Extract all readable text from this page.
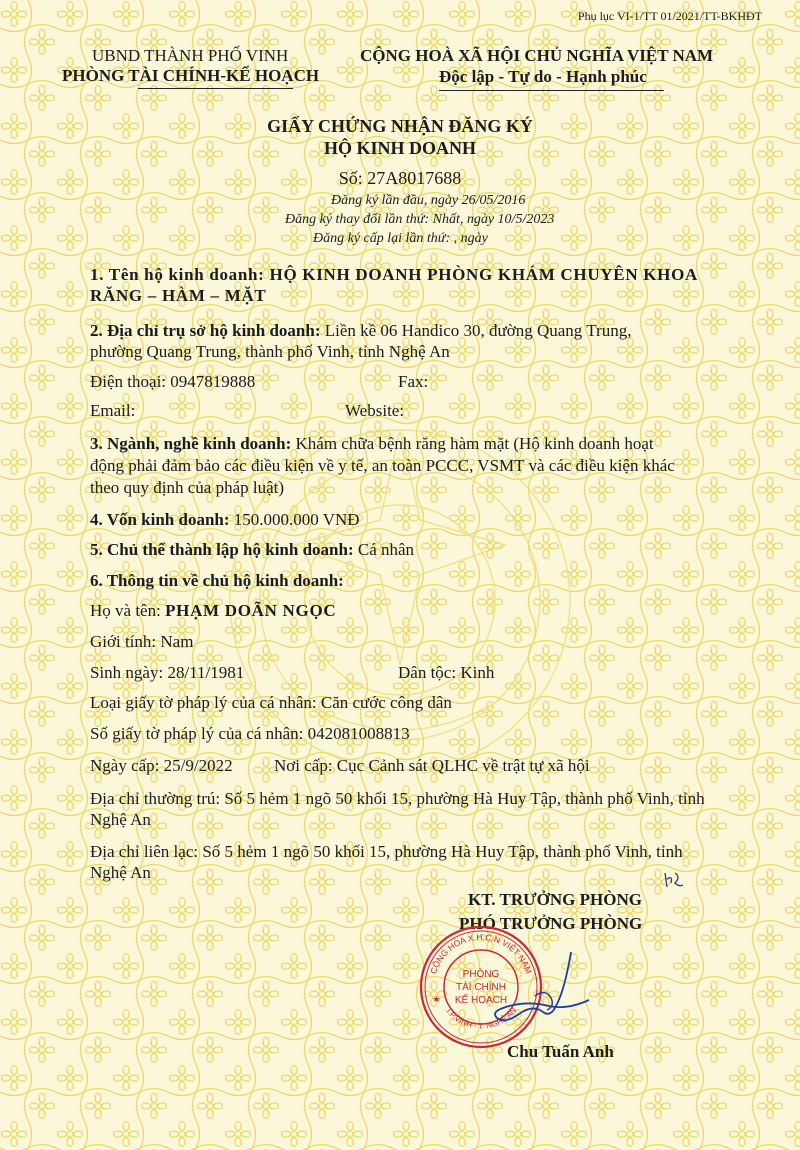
Phụ lục VI-1/TT 01/2021/TT-BKHĐT
UBND THÀNH PHỐ VINH
PHÒNG TÀI CHÍNH-KẾ HOẠCH
CỘNG HOÀ XÃ HỘI CHỦ NGHĨA VIỆT NAM
Độc lập - Tự do - Hạnh phúc
GIẤY CHỨNG NHẬN ĐĂNG KÝ
HỘ KINH DOANH
Số: 27A8017688
Đăng ký lần đầu, ngày 26/05/2016
Đăng ký thay đổi lần thứ: Nhất, ngày 10/5/2023
Đăng ký cấp lại lần thứ: , ngày
1. Tên hộ kinh doanh: HỘ KINH DOANH PHÒNG KHÁM CHUYÊN KHOA
RĂNG – HÀM – MẶT
2. Địa chỉ trụ sở hộ kinh doanh: Liền kề 06 Handico 30, đường Quang Trung,
phường Quang Trung, thành phố Vinh, tỉnh Nghệ An
Điện thoại: 0947819888	Fax:
Email:	Website:
3. Ngành, nghề kinh doanh: Khám chữa bệnh răng hàm mặt (Hộ kinh doanh hoạt
động phải đảm bảo các điều kiện về y tế, an toàn PCCC, VSMT và các điều kiện khác
theo quy định của pháp luật)
4. Vốn kinh doanh: 150.000.000 VNĐ
5. Chủ thể thành lập hộ kinh doanh: Cá nhân
6. Thông tin về chủ hộ kinh doanh:
Họ và tên: PHẠM DOÃN NGỌC
Giới tính: Nam
Sinh ngày: 28/11/1981	Dân tộc: Kinh
Loại giấy tờ pháp lý của cá nhân: Căn cước công dân
Số giấy tờ pháp lý của cá nhân: 042081008813
Ngày cấp: 25/9/2022 Nơi cấp: Cục Cảnh sát QLHC về trật tự xã hội
Địa chỉ thường trú: Số 5 hẻm 1 ngõ 50 khối 15, phường Hà Huy Tập, thành phố Vinh, tỉnh
Nghệ An
Địa chỉ liên lạc: Số 5 hẻm 1 ngõ 50 khối 15, phường Hà Huy Tập, thành phố Vinh, tỉnh
Nghệ An
KT. TRƯỞNG PHÒNG
PHÓ TRƯỞNG PHÒNG
CỘNG HÒA X.H.C.N VIỆT NAM
T.P.VINH - T. NGHỆ AN
PHÒNG
TÀI CHÍNH
KẾ HOẠCH
Chu Tuấn Anh
